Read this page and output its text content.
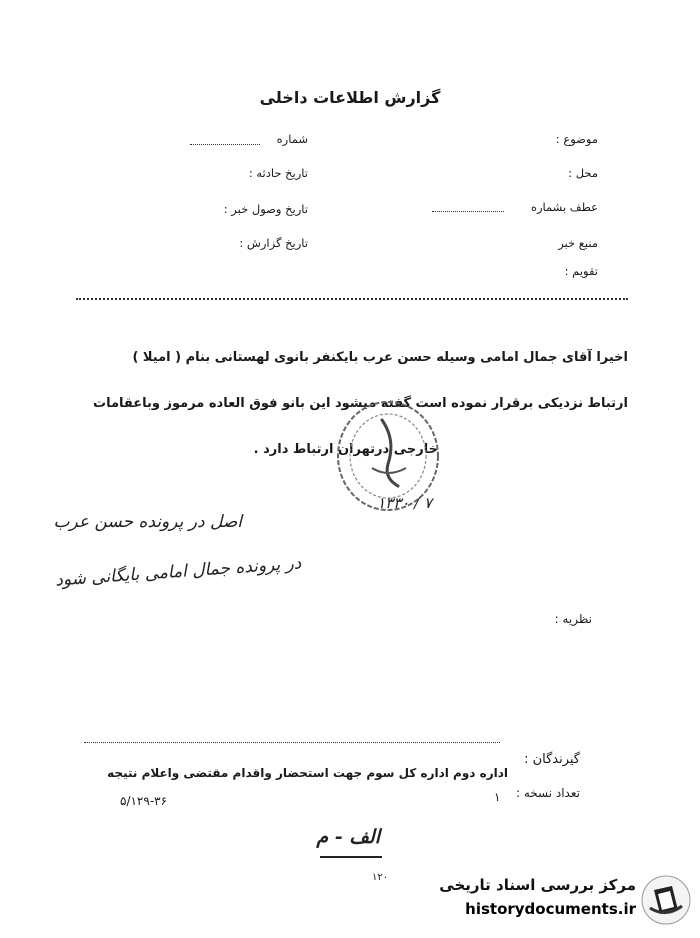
گزارش اطلاعات داخلی
موضوع :
محل :
عطف بشماره
منبع خبر
تقویم :
شماره
تاریخ حادثه :
تاریخ وصول خبر :
تاریخ گزارش :
اخیرا آقای جمال امامی وسیله حسن عرب بایکنفر بانوی لهستانی بنام ( امیلا )
ارتباط نزدیکی برقرار نموده است گفته میشود این بانو فوق العاده مرموز وباعقامات
خارجی درتهران ارتباط دارد .
۷ / ۱۳۳۰
اصل در پرونده حسن عرب
در پرونده جمال امامی بایگانی شود
نظریه :
گیرندگان :
اداره دوم اداره کل سوم جهت استحضار واقدام مقتضی واعلام نتیجه
تعداد نسخه :
۱
۵/۱۲۹-۳۶
الف - م
۱۲۰	مرکز بررسی اسناد تاریخی
historydocuments.ir
